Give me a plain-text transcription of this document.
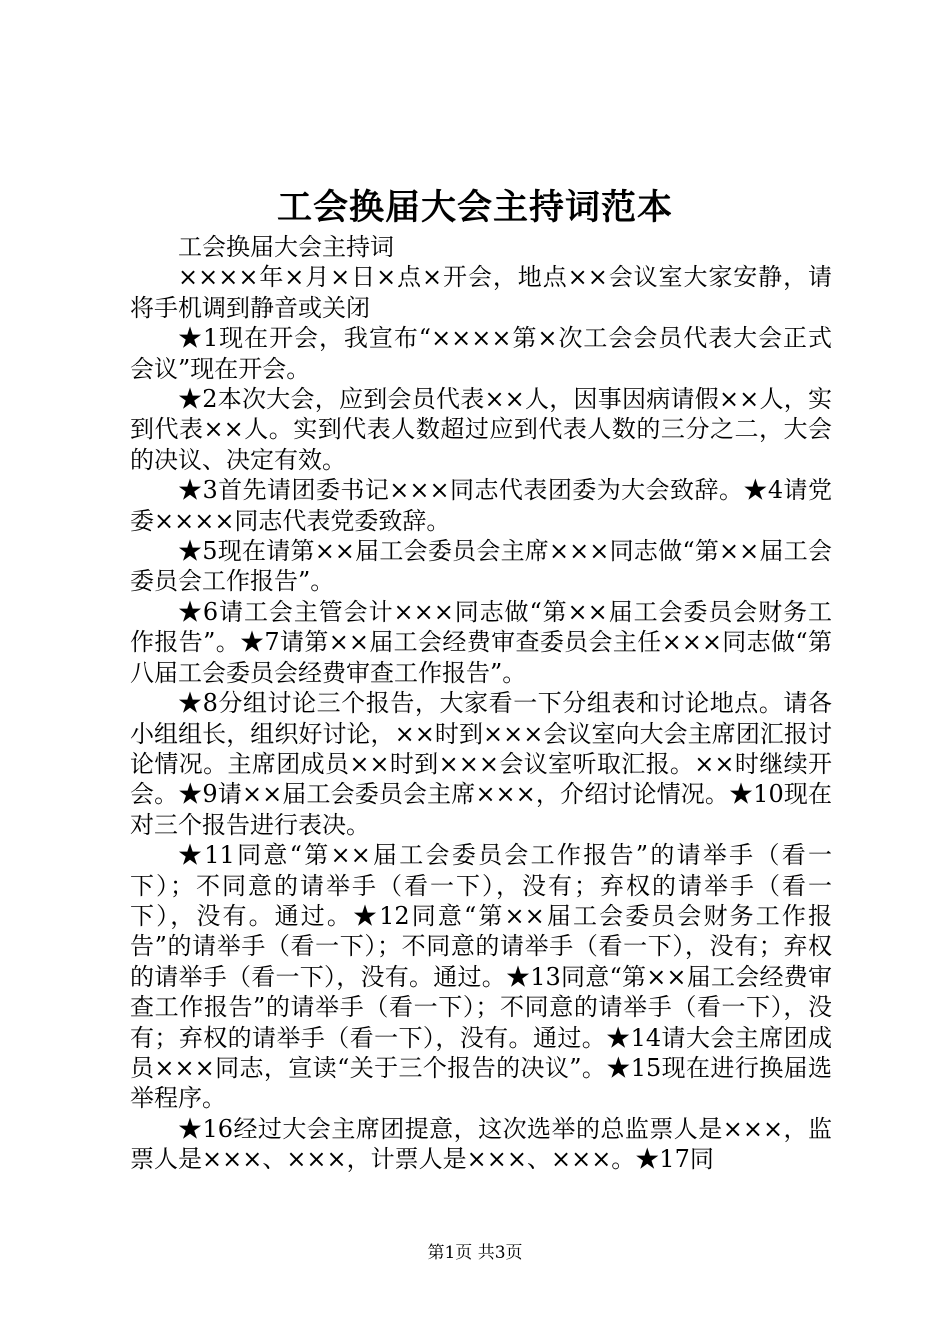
工会换届大会主持词范本

工会换届大会主持词

××××年×月×日×点×开会，地点××会议室大家安静，请将手机调到静音或关闭

★1现在开会，我宣布“××××第×次工会会员代表大会正式会议”现在开会。

★2本次大会，应到会员代表××人，因事因病请假××人，实到代表××人。实到代表人数超过应到代表人数的三分之二，大会的决议、决定有效。

★3首先请团委书记×××同志代表团委为大会致辞。★4请党委××××同志代表党委致辞。

★5现在请第××届工会委员会主席×××同志做“第××届工会委员会工作报告”。

★6请工会主管会计×××同志做“第××届工会委员会财务工作报告”。★7请第××届工会经费审查委员会主任×××同志做“第八届工会委员会经费审查工作报告”。

★8分组讨论三个报告，大家看一下分组表和讨论地点。请各小组组长，组织好讨论，××时到×××会议室向大会主席团汇报讨论情况。主席团成员××时到×××会议室听取汇报。××时继续开会。★9请××届工会委员会主席×××，介绍讨论情况。★10现在对三个报告进行表决。

★11同意“第××届工会委员会工作报告”的请举手（看一下）；不同意的请举手（看一下），没有；弃权的请举手（看一下），没有。通过。★12同意“第××届工会委员会财务工作报告”的请举手（看一下）；不同意的请举手（看一下），没有；弃权的请举手（看一下），没有。通过。★13同意“第××届工会经费审查工作报告”的请举手（看一下）；不同意的请举手（看一下），没有；弃权的请举手（看一下），没有。通过。★14请大会主席团成员×××同志，宣读“关于三个报告的决议”。★15现在进行换届选举程序。

★16经过大会主席团提意，这次选举的总监票人是×××，监票人是×××、×××，计票人是×××、×××。★17同

第1页 共3页
